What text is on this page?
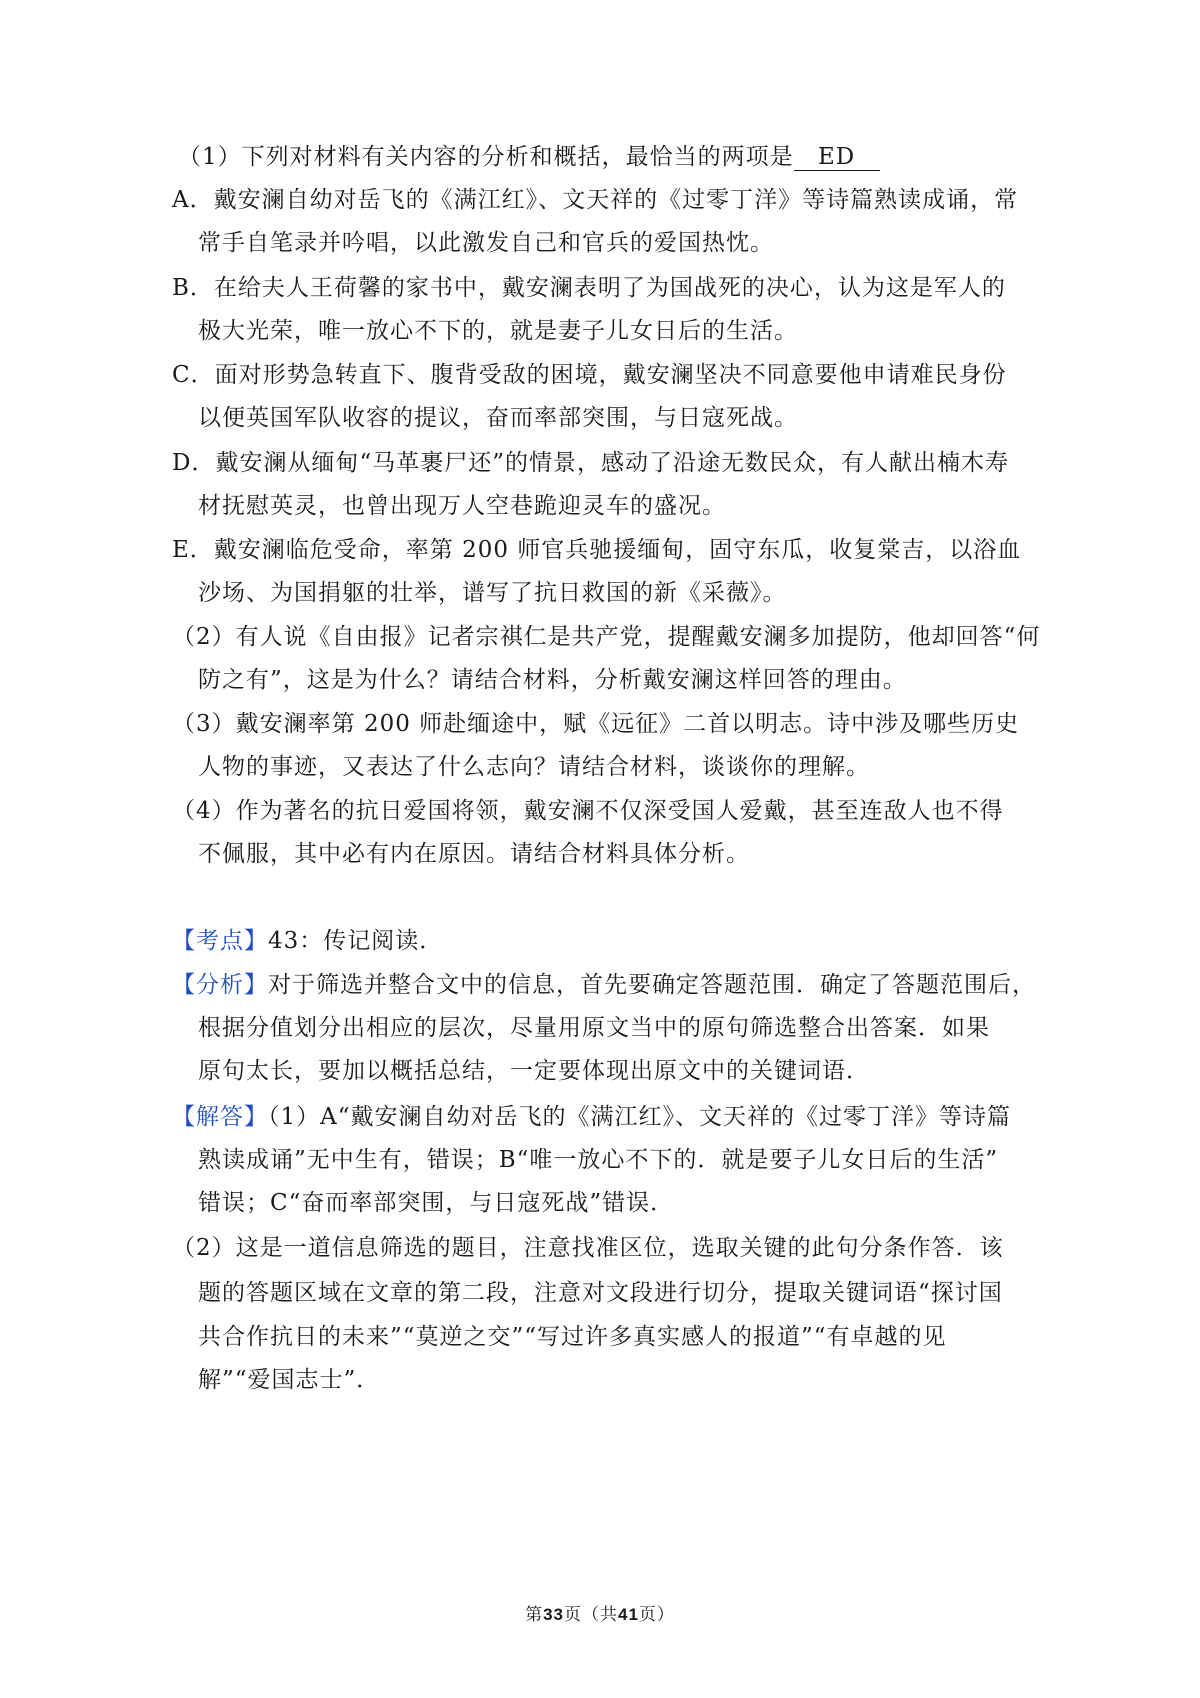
（1）下列对材料有关内容的分析和概括，最恰当的两项是 ED
A．戴安澜自幼对岳飞的《满江红》、文天祥的《过零丁洋》等诗篇熟读成诵，常
常手自笔录并吟唱，以此激发自己和官兵的爱国热忱。
B．在给夫人王荷馨的家书中，戴安澜表明了为国战死的决心，认为这是军人的
极大光荣，唯一放心不下的，就是妻子儿女日后的生活。
C．面对形势急转直下、腹背受敌的困境，戴安澜坚决不同意要他申请难民身份
以便英国军队收容的提议，奋而率部突围，与日寇死战。
D．戴安澜从缅甸“马革裹尸还”的情景，感动了沿途无数民众，有人献出楠木寿
材抚慰英灵，也曾出现万人空巷跪迎灵车的盛况。
E．戴安澜临危受命，率第 200 师官兵驰援缅甸，固守东瓜，收复棠吉，以浴血
沙场、为国捐躯的壮举，谱写了抗日救国的新《采薇》。
（2）有人说《自由报》记者宗祺仁是共产党，提醒戴安澜多加提防，他却回答“何
防之有”，这是为什么？请结合材料，分析戴安澜这样回答的理由。
（3）戴安澜率第 200 师赴缅途中，赋《远征》二首以明志。诗中涉及哪些历史
人物的事迹，又表达了什么志向？请结合材料，谈谈你的理解。
（4）作为著名的抗日爱国将领，戴安澜不仅深受国人爱戴，甚至连敌人也不得
不佩服，其中必有内在原因。请结合材料具体分析。
【考点】43：传记阅读．
【分析】对于筛选并整合文中的信息，首先要确定答题范围．确定了答题范围后，
根据分值划分出相应的层次，尽量用原文当中的原句筛选整合出答案．如果
原句太长，要加以概括总结，一定要体现出原文中的关键词语．
【解答】（1）A“戴安澜自幼对岳飞的《满江红》、文天祥的《过零丁洋》等诗篇
熟读成诵”无中生有，错误；B“唯一放心不下的．就是要子儿女日后的生活”
错误；C“奋而率部突围，与日寇死战”错误．
（2）这是一道信息筛选的题目，注意找准区位，选取关键的此句分条作答．该
题的答题区域在文章的第二段，注意对文段进行切分，提取关键词语“探讨国
共合作抗日的未来”“莫逆之交”“写过许多真实感人的报道”“有卓越的见
解”“爱国志士”．
第33页（共41页）
